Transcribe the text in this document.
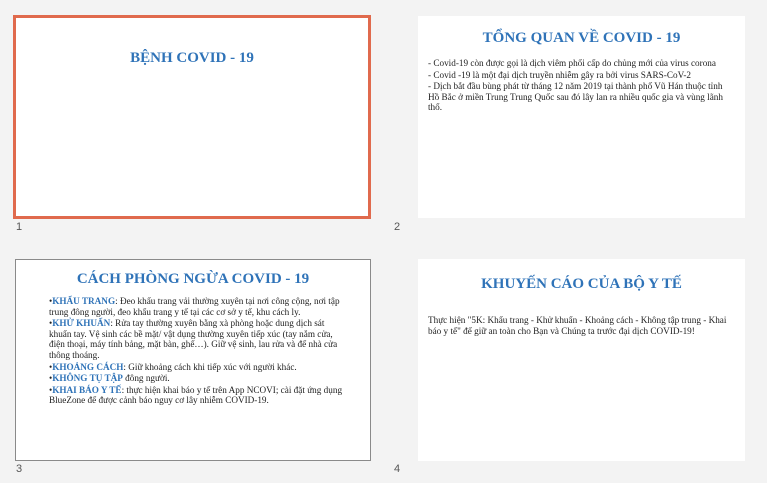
BỆNH COVID - 19
1
TỔNG QUAN VỀ COVID - 19

- Covid-19 còn được gọi là dịch viêm phổi cấp do chủng mới của virus corona

- Covid -19 là một đại dịch truyền nhiễm gây ra bởi virus SARS-CoV-2

- Dịch bắt đầu bùng phát từ tháng 12 năm 2019 tại thành phố Vũ Hán thuộc tỉnh Hồ Bắc ở miền Trung Trung Quốc sau đó lây lan ra nhiều quốc gia và vùng lãnh thổ.

2
CÁCH PHÒNG NGỪA COVID - 19

•KHẨU TRANG: Đeo khẩu trang vải thường xuyên tại nơi công cộng, nơi tập trung đông người, đeo khẩu trang y tế tại các cơ sở y tế, khu cách ly.

•KHỬ KHUẨN: Rửa tay thường xuyên bằng xà phòng hoặc dung dịch sát khuẩn tay. Vệ sinh các bề mặt/ vật dụng thường xuyên tiếp xúc (tay nắm cửa, điện thoại, máy tính bảng, mặt bàn, ghế…). Giữ vệ sinh, lau rửa và để nhà cửa thông thoáng.

•KHOẢNG CÁCH: Giữ khoảng cách khi tiếp xúc với người khác.

•KHÔNG TỤ TẬP đông người.

•KHAI BÁO Y TẾ: thực hiện khai báo y tế trên App NCOVI; cài đặt ứng dụng BlueZone để được cảnh báo nguy cơ lây nhiễm COVID-19.

3
KHUYẾN CÁO CỦA BỘ Y TẾ

Thực hiện "5K: Khẩu trang - Khử khuẩn - Khoảng cách - Không tập trung - Khai báo y tế" để giữ an toàn cho Bạn và Chúng ta trước đại dịch COVID-19!

4
